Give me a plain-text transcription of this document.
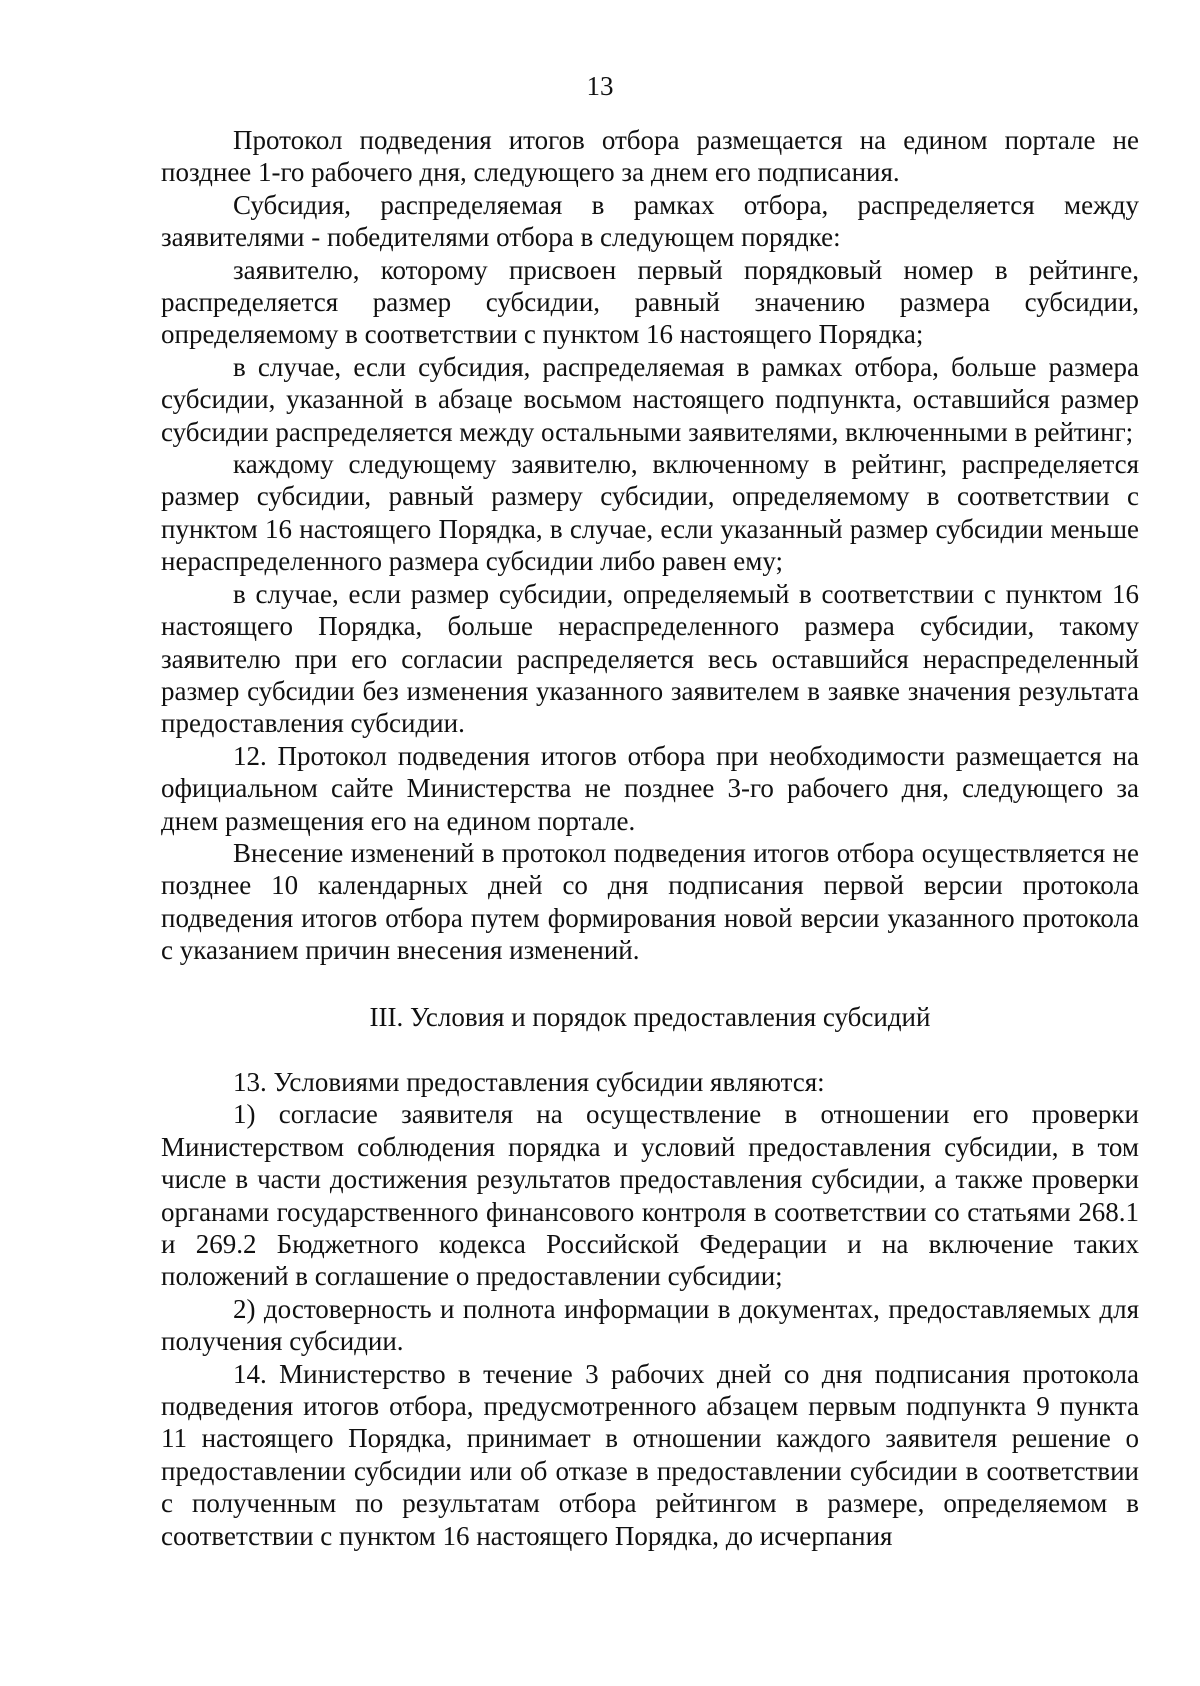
13

Протокол подведения итогов отбора размещается на едином портале не позднее 1-го рабочего дня, следующего за днем его подписания.

Субсидия, распределяемая в рамках отбора, распределяется между заявителями - победителями отбора в следующем порядке:

заявителю, которому присвоен первый порядковый номер в рейтинге, распределяется размер субсидии, равный значению размера субсидии, определяемому в соответствии с пунктом 16 настоящего Порядка;

в случае, если субсидия, распределяемая в рамках отбора, больше размера субсидии, указанной в абзаце восьмом настоящего подпункта, оставшийся размер субсидии распределяется между остальными заявителями, включенными в рейтинг;

каждому следующему заявителю, включенному в рейтинг, распределяется размер субсидии, равный размеру субсидии, определяемому в соответствии с пунктом 16 настоящего Порядка, в случае, если указанный размер субсидии меньше нераспределенного размера субсидии либо равен ему;

в случае, если размер субсидии, определяемый в соответствии с пунктом 16 настоящего Порядка, больше нераспределенного размера субсидии, такому заявителю при его согласии распределяется весь оставшийся нераспределенный размер субсидии без изменения указанного заявителем в заявке значения результата предоставления субсидии.

12. Протокол подведения итогов отбора при необходимости размещается на официальном сайте Министерства не позднее 3-го рабочего дня, следующего за днем размещения его на едином портале.

Внесение изменений в протокол подведения итогов отбора осуществляется не позднее 10 календарных дней со дня подписания первой версии протокола подведения итогов отбора путем формирования новой версии указанного протокола с указанием причин внесения изменений.

III. Условия и порядок предоставления субсидий

13. Условиями предоставления субсидии являются:

1) согласие заявителя на осуществление в отношении его проверки Министерством соблюдения порядка и условий предоставления субсидии, в том числе в части достижения результатов предоставления субсидии, а также проверки органами государственного финансового контроля в соответствии со статьями 268.1 и 269.2 Бюджетного кодекса Российской Федерации и на включение таких положений в соглашение о предоставлении субсидии;

2) достоверность и полнота информации в документах, предоставляемых для получения субсидии.

14. Министерство в течение 3 рабочих дней со дня подписания протокола подведения итогов отбора, предусмотренного абзацем первым подпункта 9 пункта 11 настоящего Порядка, принимает в отношении каждого заявителя решение о предоставлении субсидии или об отказе в предоставлении субсидии в соответствии с полученным по результатам отбора рейтингом в размере, определяемом в соответствии с пунктом 16 настоящего Порядка, до исчерпания
